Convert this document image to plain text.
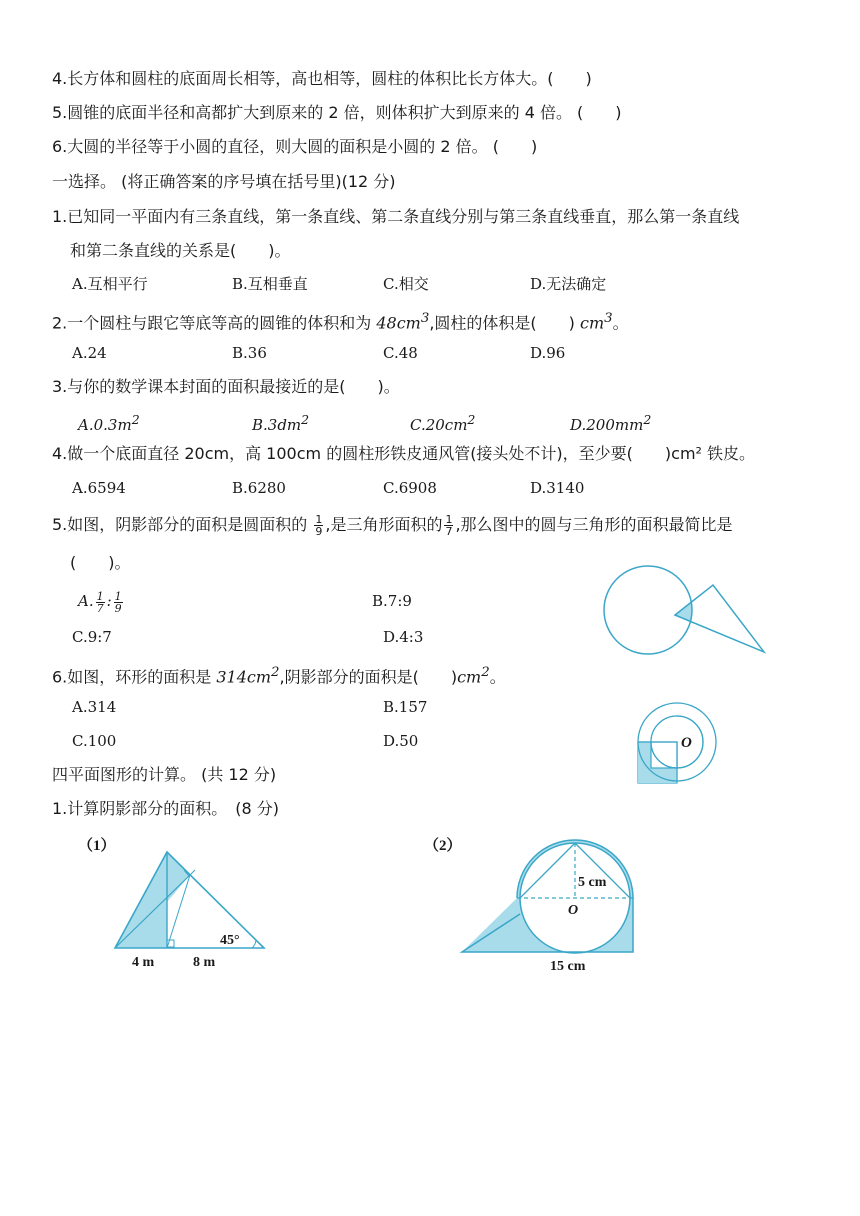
4.长方体和圆柱的底面周长相等，高也相等，圆柱的体积比长方体大。(　　)
5.圆锥的底面半径和高都扩大到原来的 2 倍，则体积扩大到原来的 4 倍。 (　　)
6.大圆的半径等于小圆的直径，则大圆的面积是小圆的 2 倍。 (　　)
一选择。 (将正确答案的序号填在括号里)(12 分)
1.已知同一平面内有三条直线，第一条直线、第二条直线分别与第三条直线垂直，那么第一条直线
和第二条直线的关系是(　　)。
A.互相平行	B.互相垂直	C.相交	D.无法确定
2.一个圆柱与跟它等底等高的圆锥的体积和为 $48cm^3$,圆柱的体积是(　　) $cm^3$。
A.24	B.36	C.48	D.96
3.与你的数学课本封面的面积最接近的是(　　)。
$A.0.3m^2$	$B.3dm^2$	$C.20cm^2$	$D.200mm^2$
4.做一个底面直径 20cm，高 100cm 的圆柱形铁皮通风管(接头处不计)，至少要(　　)cm² 铁皮。
A.6594	B.6280	C.6908	D.3140
5.如图，阴影部分的面积是圆面积的 $\frac{1}{9}$ ,是三角形面积的 $\frac{1}{7}$ ,那么图中的圆与三角形的面积最简比是
(　　)。
A. $\frac{1}{7}$ : $\frac{1}{9}$	B.7:9
C.9:7	D.4:3
6.如图，环形的面积是 $314cm^2$,阴影部分的面积是(　　)$cm^2$。
A.314	B.157
C.100	D.50	O
四平面图形的计算。 (共 12 分)
1.计算阴影部分的面积。　(8 分)
（1）
45°
4 m	8 m
（2）
5 cm
O
15 cm
